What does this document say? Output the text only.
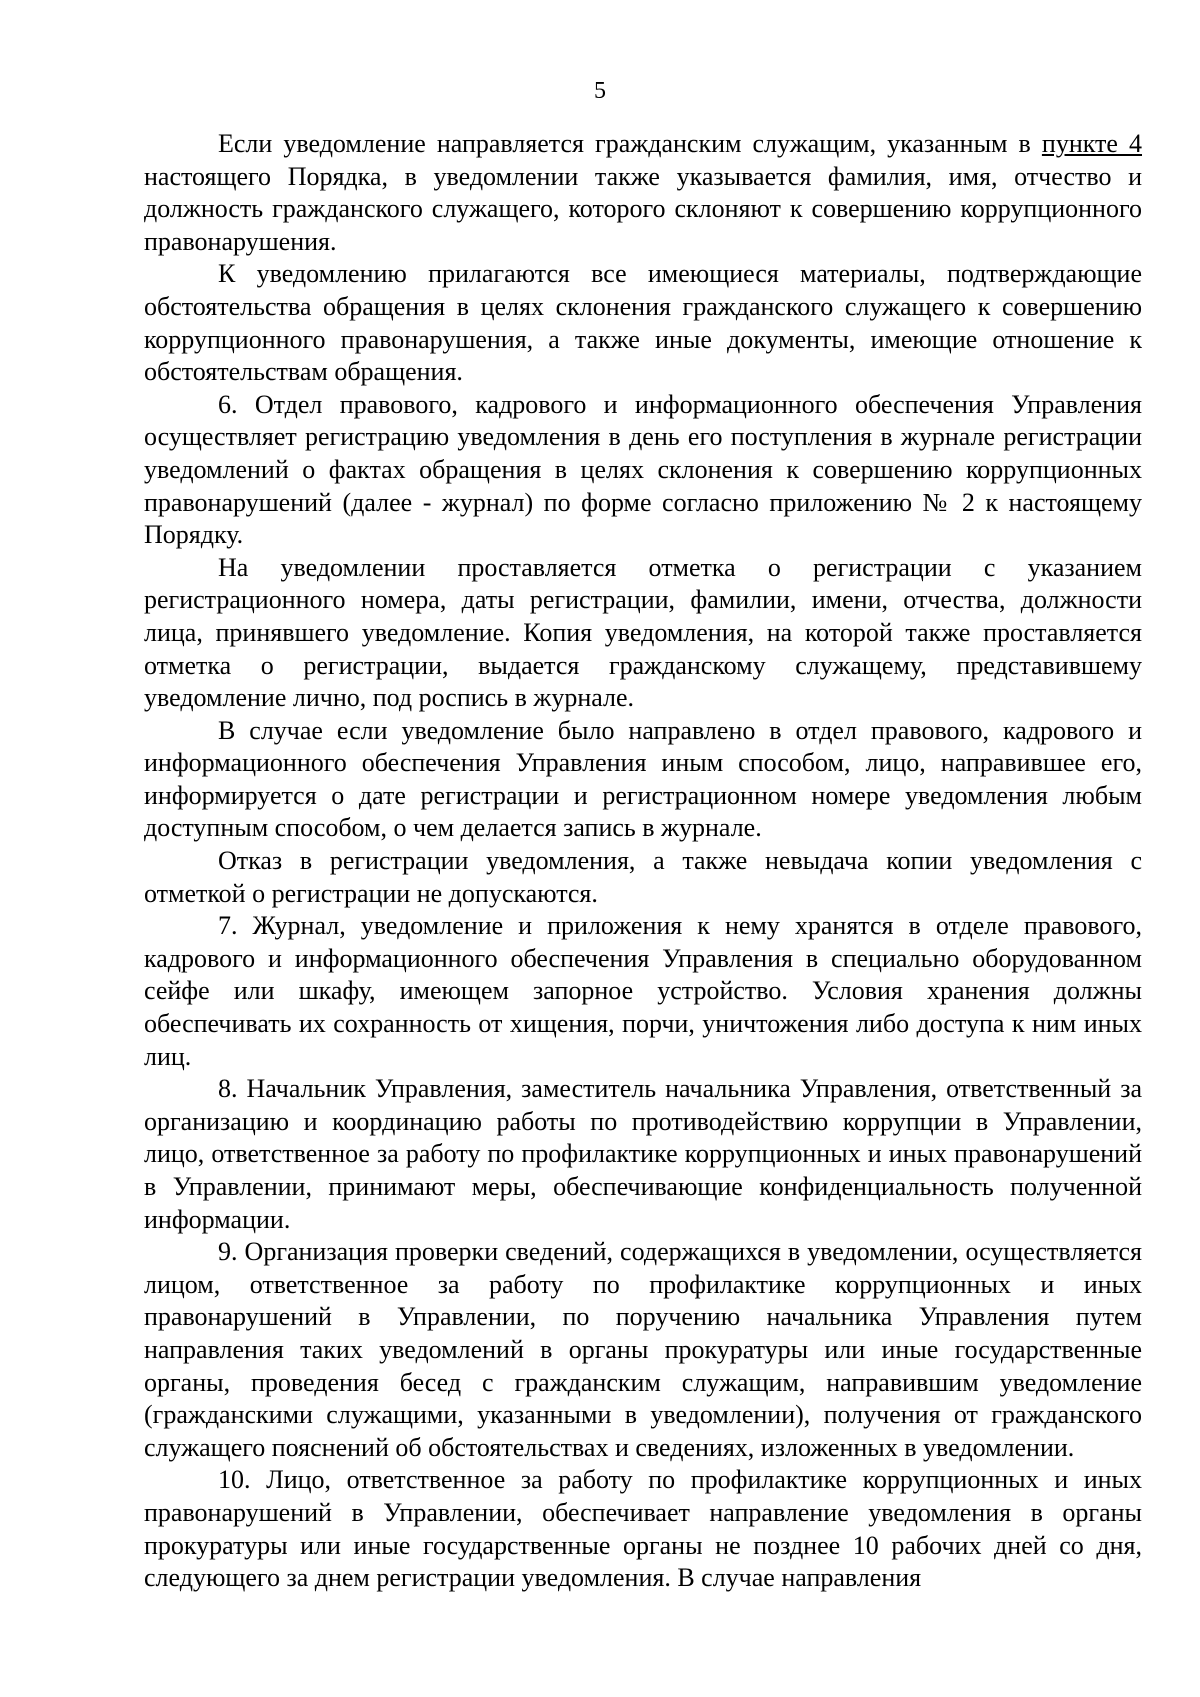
5

Если уведомление направляется гражданским служащим, указанным в пункте 4 настоящего Порядка, в уведомлении также указывается фамилия, имя, отчество и должность гражданского служащего, которого склоняют к совершению коррупционного правонарушения.

К уведомлению прилагаются все имеющиеся материалы, подтверждающие обстоятельства обращения в целях склонения гражданского служащего к совершению коррупционного правонарушения, а также иные документы, имеющие отношение к обстоятельствам обращения.

6. Отдел правового, кадрового и информационного обеспечения Управления осуществляет регистрацию уведомления в день его поступления в журнале регистрации уведомлений о фактах обращения в целях склонения к совершению коррупционных правонарушений (далее - журнал) по форме согласно приложению № 2 к настоящему Порядку.

На уведомлении проставляется отметка о регистрации с указанием регистрационного номера, даты регистрации, фамилии, имени, отчества, должности лица, принявшего уведомление. Копия уведомления, на которой также проставляется отметка о регистрации, выдается гражданскому служащему, представившему уведомление лично, под роспись в журнале.

В случае если уведомление было направлено в отдел правового, кадрового и информационного обеспечения Управления иным способом, лицо, направившее его, информируется о дате регистрации и регистрационном номере уведомления любым доступным способом, о чем делается запись в журнале.

Отказ в регистрации уведомления, а также невыдача копии уведомления с отметкой о регистрации не допускаются.

7. Журнал, уведомление и приложения к нему хранятся в отделе правового, кадрового и информационного обеспечения Управления в специально оборудованном сейфе или шкафу, имеющем запорное устройство. Условия хранения должны обеспечивать их сохранность от хищения, порчи, уничтожения либо доступа к ним иных лиц.

8. Начальник Управления, заместитель начальника Управления, ответственный за организацию и координацию работы по противодействию коррупции в Управлении, лицо, ответственное за работу по профилактике коррупционных и иных правонарушений в Управлении, принимают меры, обеспечивающие конфиденциальность полученной информации.

9. Организация проверки сведений, содержащихся в уведомлении, осуществляется лицом, ответственное за работу по профилактике коррупционных и иных правонарушений в Управлении, по поручению начальника Управления путем направления таких уведомлений в органы прокуратуры или иные государственные органы, проведения бесед с гражданским служащим, направившим уведомление (гражданскими служащими, указанными в уведомлении), получения от гражданского служащего пояснений об обстоятельствах и сведениях, изложенных в уведомлении.

10. Лицо, ответственное за работу по профилактике коррупционных и иных правонарушений в Управлении, обеспечивает направление уведомления в органы прокуратуры или иные государственные органы не позднее 10 рабочих дней со дня, следующего за днем регистрации уведомления. В случае направления
